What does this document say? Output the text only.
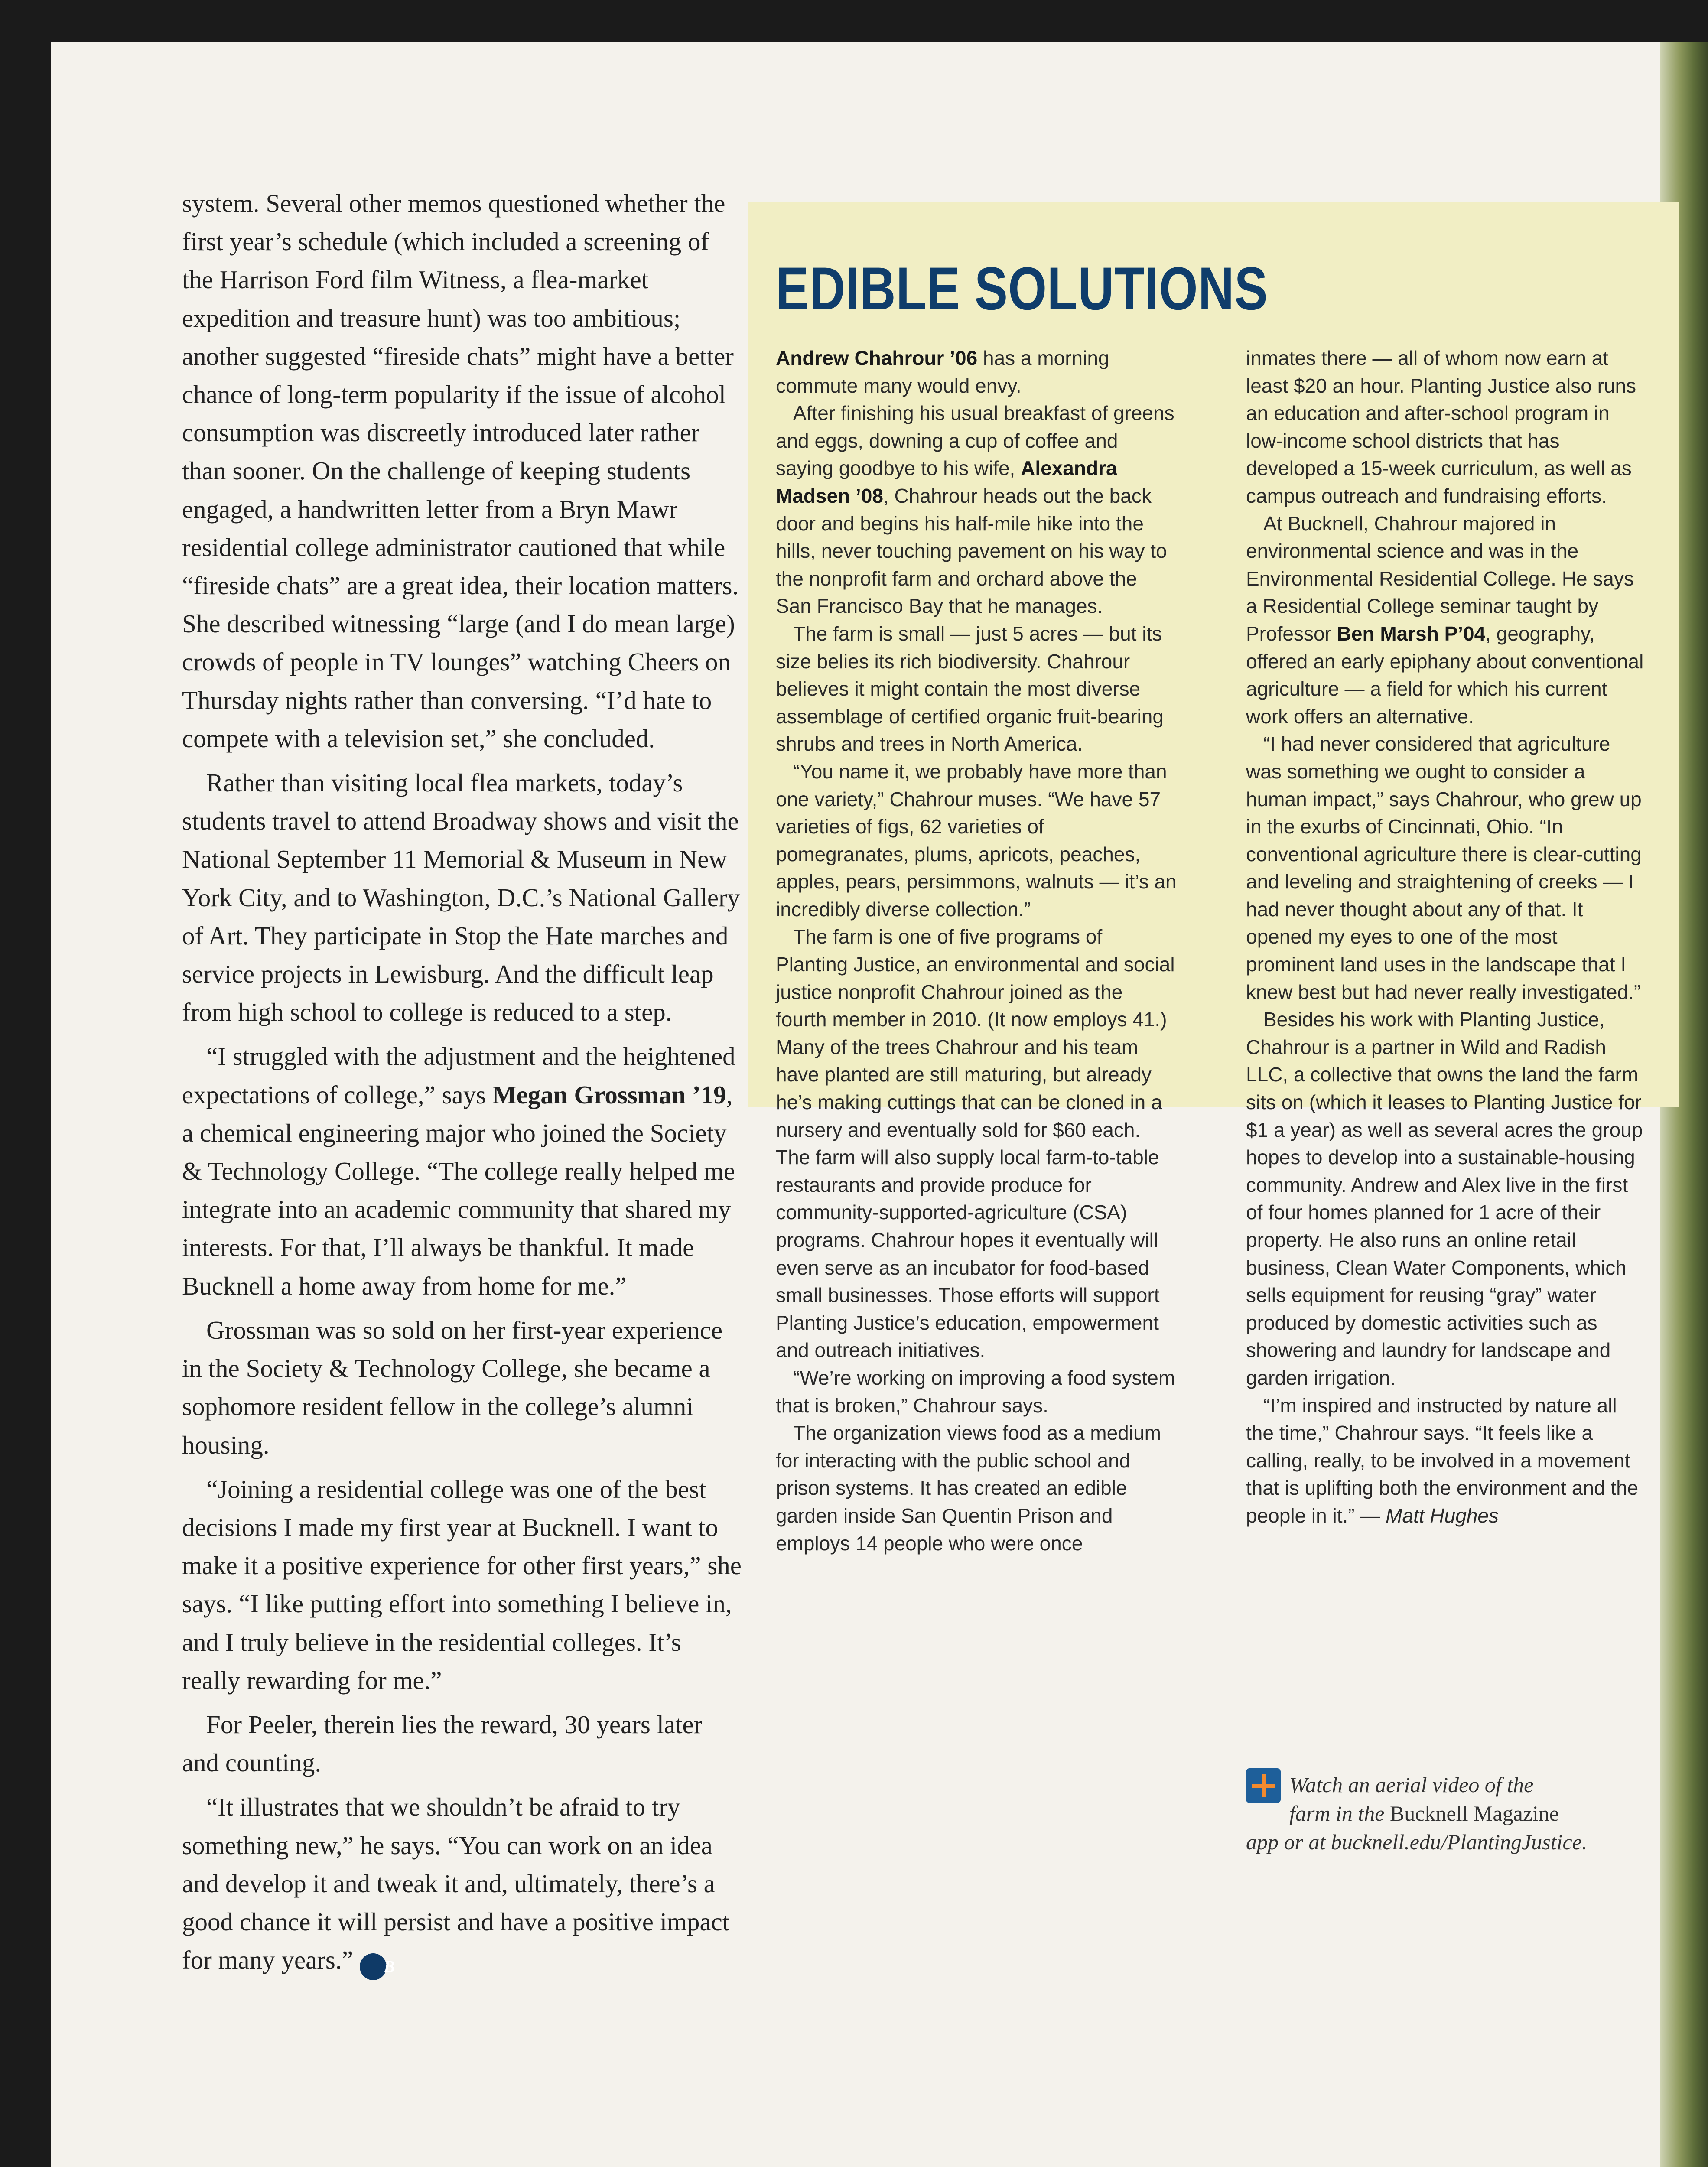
system. Several other memos questioned whether the first year’s schedule (which included a screening of the Harrison Ford film Witness, a flea-market expedition and treasure hunt) was too ambitious; another suggested “fireside chats” might have a better chance of long-term popularity if the issue of alcohol consumption was discreetly introduced later rather than sooner. On the challenge of keeping students engaged, a handwritten letter from a Bryn Mawr residential college administrator cautioned that while “fireside chats” are a great idea, their location matters. She described witnessing “large (and I do mean large) crowds of people in TV lounges” watching Cheers on Thursday nights rather than conversing. “I’d hate to compete with a television set,” she concluded.

Rather than visiting local flea markets, today’s students travel to attend Broadway shows and visit the National September 11 Memorial & Museum in New York City, and to Washington, D.C.’s National Gallery of Art. They participate in Stop the Hate marches and service projects in Lewisburg. And the difficult leap from high school to college is reduced to a step.

“I struggled with the adjustment and the heightened expectations of college,” says Megan Grossman ’19, a chemical engineering major who joined the Society & Technology College. “The college really helped me integrate into an academic community that shared my interests. For that, I’ll always be thankful. It made Bucknell a home away from home for me.”

Grossman was so sold on her first-year experience in the Society & Technology College, she became a sophomore resident fellow in the college’s alumni housing.

“Joining a residential college was one of the best decisions I made my first year at Bucknell. I want to make it a positive experience for other first years,” she says. “I like putting effort into something I believe in, and I truly believe in the residential colleges. It’s really rewarding for me.”

For Peeler, therein lies the reward, 30 years later and counting.

“It illustrates that we shouldn’t be afraid to try something new,” he says. “You can work on an idea and develop it and tweak it and, ultimately, there’s a good chance it will persist and have a positive impact for many years.” B

EDIBLE SOLUTIONS

Andrew Chahrour ’06 has a morning commute many would envy.

After finishing his usual breakfast of greens and eggs, downing a cup of coffee and saying goodbye to his wife, Alexandra Madsen ’08, Chahrour heads out the back door and begins his half-mile hike into the hills, never touching pavement on his way to the nonprofit farm and orchard above the San Francisco Bay that he manages.

The farm is small — just 5 acres — but its size belies its rich biodiversity. Chahrour believes it might contain the most diverse assemblage of certified organic fruit-bearing shrubs and trees in North America.

“You name it, we probably have more than one variety,” Chahrour muses. “We have 57 varieties of figs, 62 varieties of pomegranates, plums, apricots, peaches, apples, pears, persimmons, walnuts — it’s an incredibly diverse collection.”

The farm is one of five programs of Planting Justice, an environmental and social justice nonprofit Chahrour joined as the fourth member in 2010. (It now employs 41.) Many of the trees Chahrour and his team have planted are still maturing, but already he’s making cuttings that can be cloned in a nursery and eventually sold for $60 each. The farm will also supply local farm-to-table restaurants and provide produce for community-supported-agriculture (CSA) programs. Chahrour hopes it eventually will even serve as an incubator for food-based small businesses. Those efforts will support Planting Justice’s education, empowerment and outreach initiatives.

“We’re working on improving a food system that is broken,” Chahrour says.

The organization views food as a medium for interacting with the public school and prison systems. It has created an edible garden inside San Quentin Prison and employs 14 people who were once

inmates there — all of whom now earn at least $20 an hour. Planting Justice also runs an education and after-school program in low-income school districts that has developed a 15-week curriculum, as well as campus outreach and fundraising efforts.

At Bucknell, Chahrour majored in environmental science and was in the Environmental Residential College. He says a Residential College seminar taught by Professor Ben Marsh P’04, geography, offered an early epiphany about conventional agriculture — a field for which his current work offers an alternative.

“I had never considered that agriculture was something we ought to consider a human impact,” says Chahrour, who grew up in the exurbs of Cincinnati, Ohio. “In conventional agriculture there is clear-cutting and leveling and straightening of creeks — I had never thought about any of that. It opened my eyes to one of the most prominent land uses in the landscape that I knew best but had never really investigated.”

Besides his work with Planting Justice, Chahrour is a partner in Wild and Radish LLC, a collective that owns the land the farm sits on (which it leases to Planting Justice for $1 a year) as well as several acres the group hopes to develop into a sustainable-housing community. Andrew and Alex live in the first of four homes planned for 1 acre of their property. He also runs an online retail business, Clean Water Components, which sells equipment for reusing “gray” water produced by domestic activities such as showering and laundry for landscape and garden irrigation.

“I’m inspired and instructed by nature all the time,” Chahrour says. “It feels like a calling, really, to be involved in a movement that is uplifting both the environment and the people in it.” — Matt Hughes

Watch an aerial video of the
farm in the Bucknell Magazine
app or at bucknell.edu/PlantingJustice.
